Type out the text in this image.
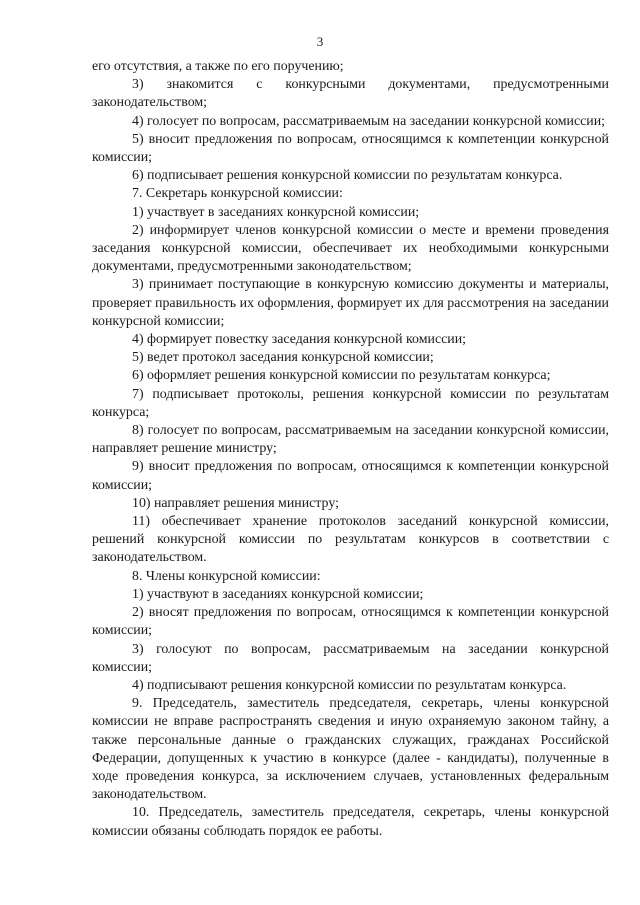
3

его отсутствия, а также по его поручению;

3) знакомится с конкурсными документами, предусмотренными законодательством;

4) голосует по вопросам, рассматриваемым на заседании конкурсной комиссии;

5) вносит предложения по вопросам, относящимся к компетенции конкурсной комиссии;

6) подписывает решения конкурсной комиссии по результатам конкурса.

7. Секретарь конкурсной комиссии:

1) участвует в заседаниях конкурсной комиссии;

2) информирует членов конкурсной комиссии о месте и времени проведения заседания конкурсной комиссии, обеспечивает их необходимыми конкурсными документами, предусмотренными законодательством;

3) принимает поступающие в конкурсную комиссию документы и материалы, проверяет правильность их оформления, формирует их для рассмотрения на заседании конкурсной комиссии;

4) формирует повестку заседания конкурсной комиссии;

5) ведет протокол заседания конкурсной комиссии;

6) оформляет решения конкурсной комиссии по результатам конкурса;

7) подписывает протоколы, решения конкурсной комиссии по результатам конкурса;

8) голосует по вопросам, рассматриваемым на заседании конкурсной комиссии, направляет решение министру;

9) вносит предложения по вопросам, относящимся к компетенции конкурсной комиссии;

10) направляет решения министру;

11) обеспечивает хранение протоколов заседаний конкурсной комиссии, решений конкурсной комиссии по результатам конкурсов в соответствии с законодательством.

8. Члены конкурсной комиссии:

1) участвуют в заседаниях конкурсной комиссии;

2) вносят предложения по вопросам, относящимся к компетенции конкурсной комиссии;

3) голосуют по вопросам, рассматриваемым на заседании конкурсной комиссии;

4) подписывают решения конкурсной комиссии по результатам конкурса.

9. Председатель, заместитель председателя, секретарь, члены конкурсной комиссии не вправе распространять сведения и иную охраняемую законом тайну, а также персональные данные о гражданских служащих, гражданах Российской Федерации, допущенных к участию в конкурсе (далее - кандидаты), полученные в ходе проведения конкурса, за исключением случаев, установленных федеральным законодательством.

10. Председатель, заместитель председателя, секретарь, члены конкурсной комиссии обязаны соблюдать порядок ее работы.
